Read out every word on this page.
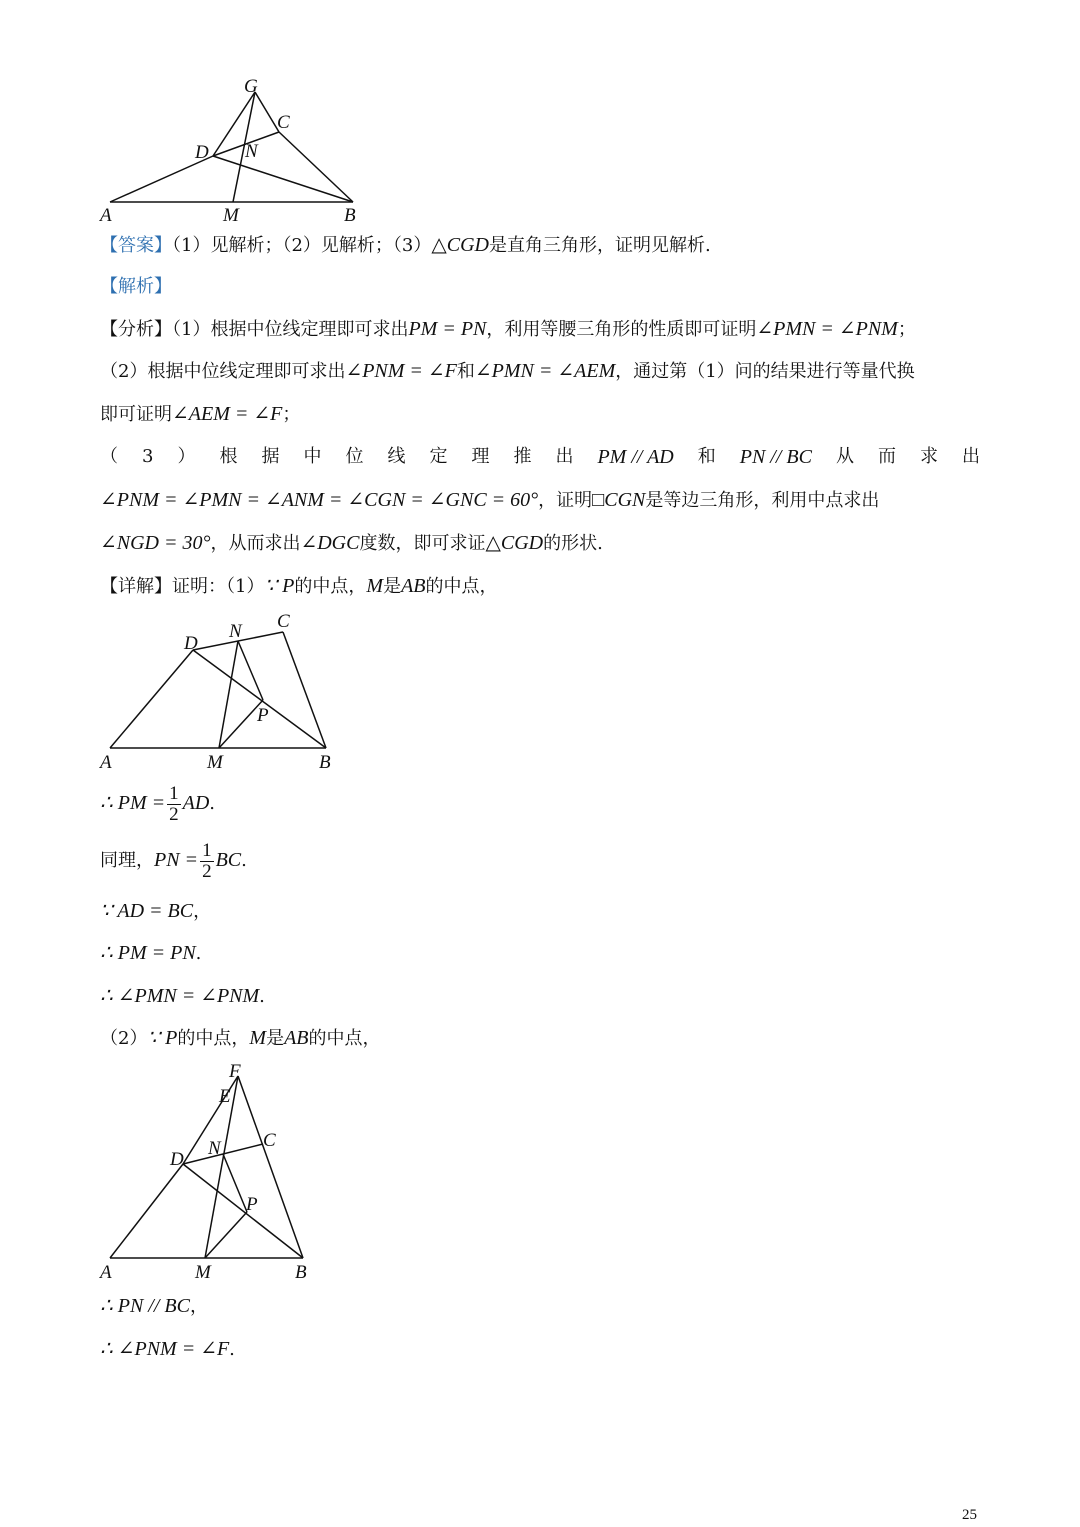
G
C
D N
A	M	B
【答案】（1）见解析；（2）见解析；（3）△CGD是直角三角形，证明见解析.
【解析】
【分析】（1）根据中位线定理即可求出PM = PN，利用等腰三角形的性质即可证明∠PMN = ∠PNM；
（2）根据中位线定理即可求出∠PNM = ∠F和∠PMN = ∠AEM，通过第（1）问的结果进行等量代换
即可证明∠AEM = ∠F；
（ 3 ） 根 据 中 位 线 定 理 推 出 PM // AD 和 PN // BC 从 而 求 出
∠PNM = ∠PMN = ∠ANM = ∠CGN = ∠GNC = 60°，证明□CGN是等边三角形，利用中点求出
∠NGD = 30°，从而求出∠DGC度数，即可求证△CGD的形状.
【详解】证明：（1）∵ P的中点，M是AB的中点，
D
N C
P
A	M	B
∴ PM = $\frac{1}{2}$ AD.
同理，PN = $\frac{1}{2}$ BC.
∵ AD = BC，
∴ PM = PN.
∴ ∠PMN = ∠PNM.
（2）∵ P的中点，M是AB的中点，
F
E
C
N
D
P
A	M	B
∴ PN // BC，
∴ ∠PNM = ∠F.
25
